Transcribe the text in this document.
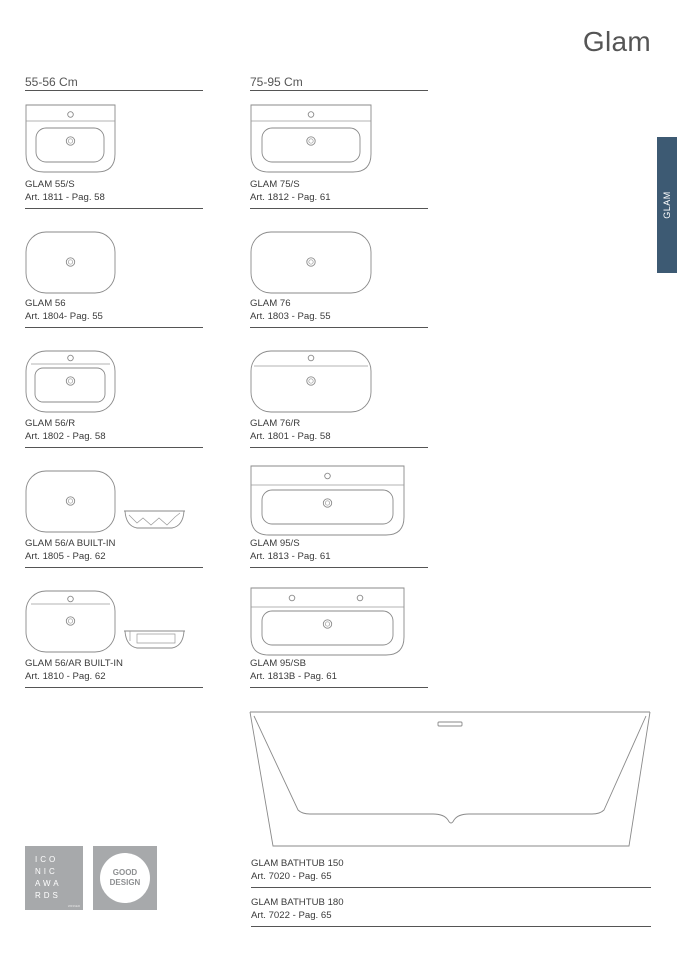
Glam
GLAM
55-56 Cm	75-95 Cm
GLAM 55/S
Art. 1811 - Pag. 58
GLAM 56
Art. 1804- Pag. 55
GLAM 56/R
Art. 1802 - Pag. 58
GLAM 56/A BUILT-IN
Art. 1805 - Pag. 62
GLAM 56/AR BUILT-IN
Art. 1810 - Pag. 62
GLAM 75/S
Art. 1812 - Pag. 61
GLAM 76
Art. 1803 - Pag. 55
GLAM 76/R
Art. 1801 - Pag. 58
GLAM 95/S
Art. 1813 - Pag. 61
GLAM 95/SB
Art. 1813B - Pag. 61
GLAM BATHTUB 150
Art. 7020 - Pag. 65
GLAM BATHTUB 180
Art. 7022 - Pag. 65
ICO
NIC
AWA
RDS
WINNER
GOOD
DESIGN
